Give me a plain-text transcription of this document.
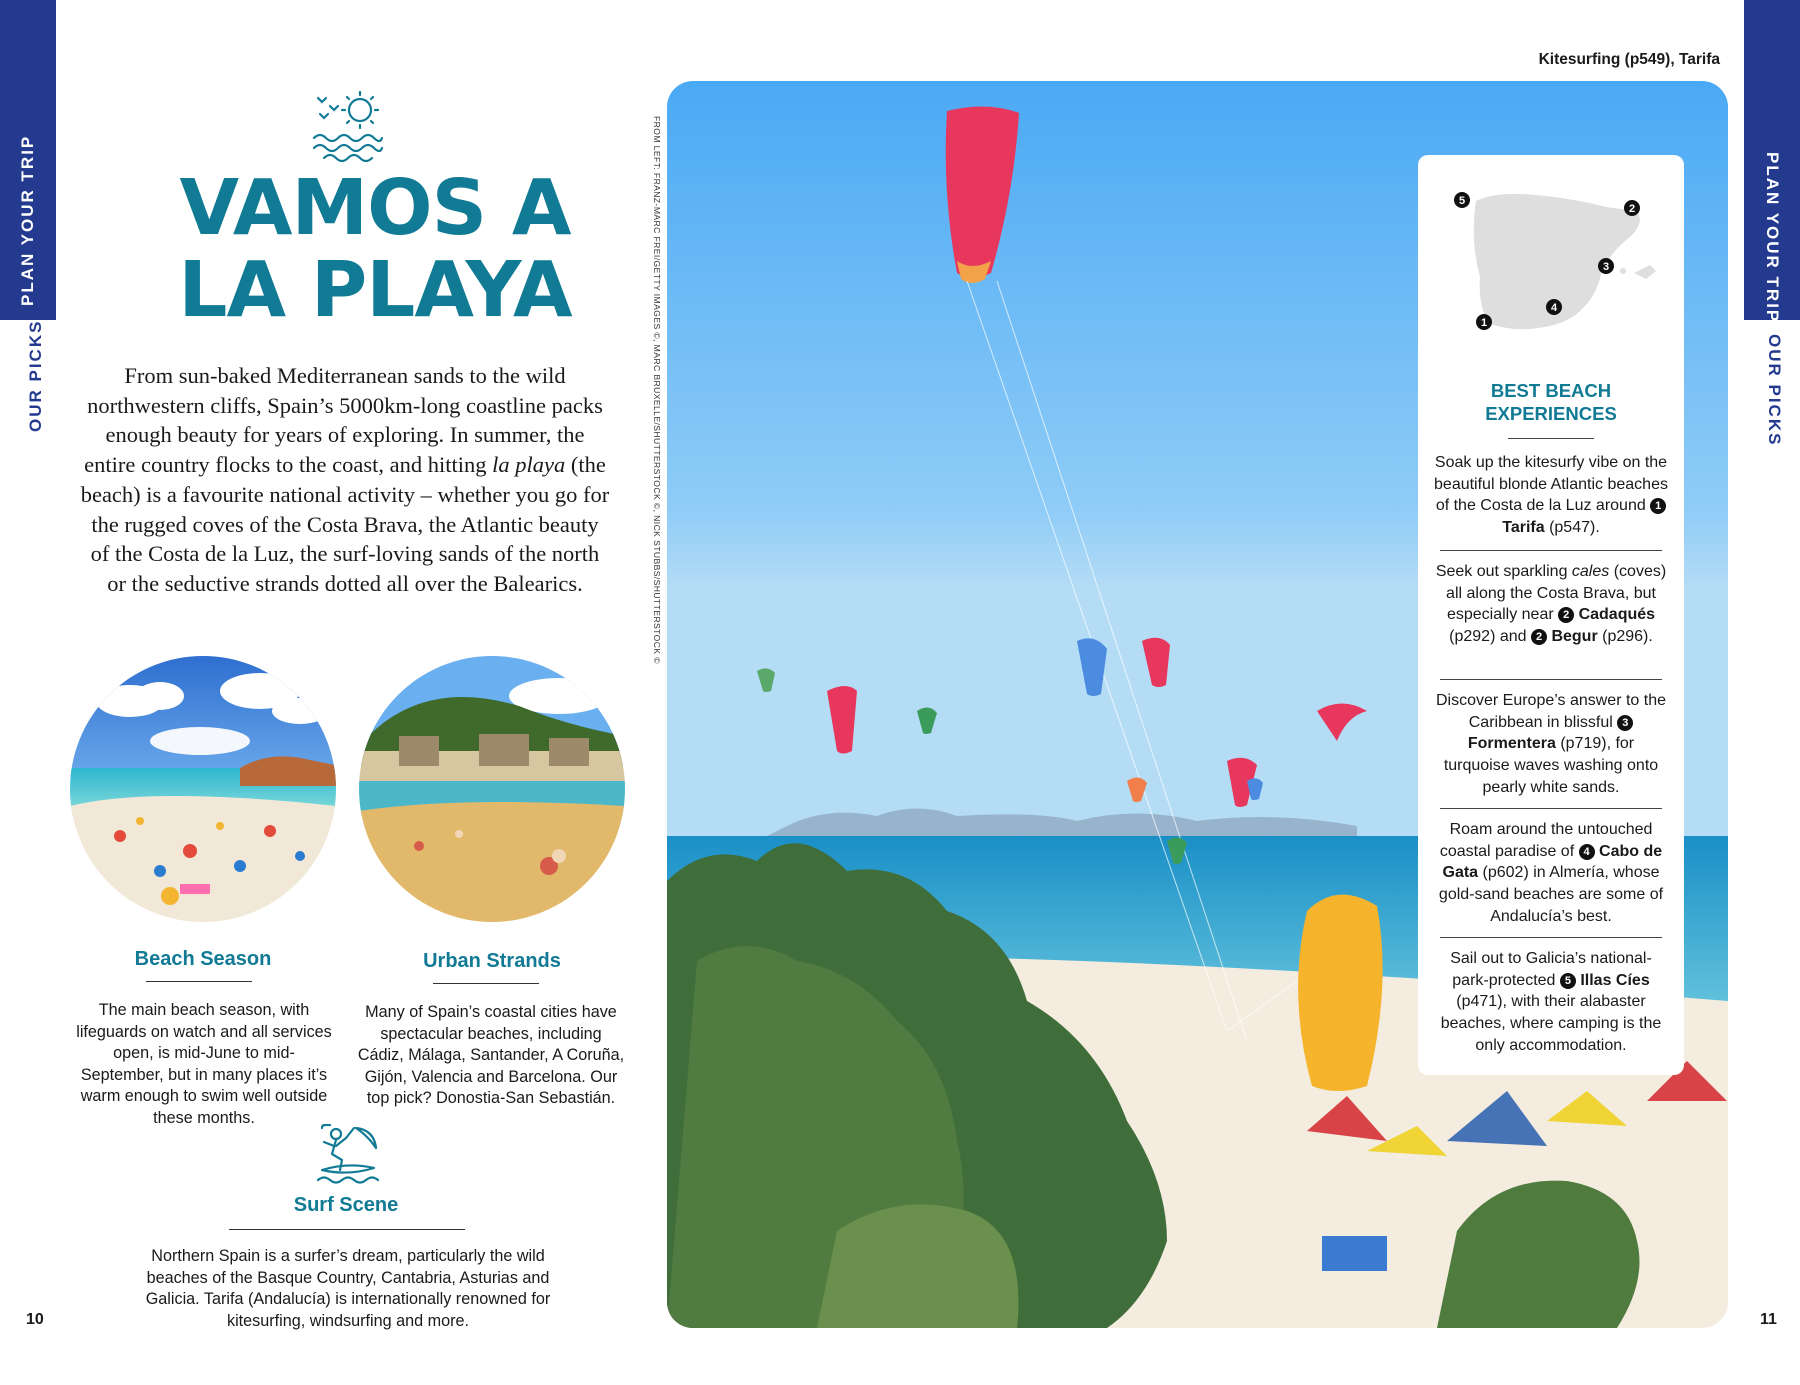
PLAN YOUR TRIP
OUR PICKS
PLAN YOUR TRIP
OUR PICKS
VAMOS A
LA PLAYA

From sun-baked Mediterranean sands to the wild northwestern cliffs, Spain’s 5000km-long coastline packs enough beauty for years of exploring. In summer, the entire country flocks to the coast, and hitting la playa (the beach) is a favourite national activity – whether you go for the rugged coves of the Costa Brava, the Atlantic beauty of the Costa de la Luz, the surf-loving sands of the north or the seductive strands dotted all over the Balearics.	FROM LEFT: FRANZ-MARC FREI/GETTY IMAGES ©, MARC BRUXELLE/SHUTTERSTOCK ©, NICK STUBBS/SHUTTERSTOCK ©
Beach Season

The main beach season, with lifeguards on watch and all services open, is mid-June to mid-September, but in many places it’s warm enough to swim well outside these months.

Urban Strands

Many of Spain’s coastal cities have spectacular beaches, including Cádiz, Málaga, Santander, A Coruña, Gijón, Valencia and Barcelona. Our top pick? Donostia-San Sebastián.

Surf Scene

Northern Spain is a surfer’s dream, particularly the wild beaches of the Basque Country, Cantabria, Asturias and Galicia. Tarifa (Andalucía) is internationally renowned for kitesurfing, windsurfing and more.

10
Kitesurfing (p549), Tarifa
1
2
3
4
5
BEST BEACH
EXPERIENCES

Soak up the kitesurfy vibe on the beautiful blonde Atlantic beaches of the Costa de la Luz around 1 Tarifa (p547).

Seek out sparkling cales (coves) all along the Costa Brava, but especially near 2 Cadaqués (p292) and 2 Begur (p296).

Discover Europe’s answer to the Caribbean in blissful 3 Formentera (p719), for turquoise waves washing onto pearly white sands.

Roam around the untouched coastal paradise of 4 Cabo de Gata (p602) in Almería, whose gold-sand beaches are some of Andalucía’s best.

Sail out to Galicia’s national-park-protected 5 Illas Cíes (p471), with their alabaster beaches, where camping is the only accommodation.

11
